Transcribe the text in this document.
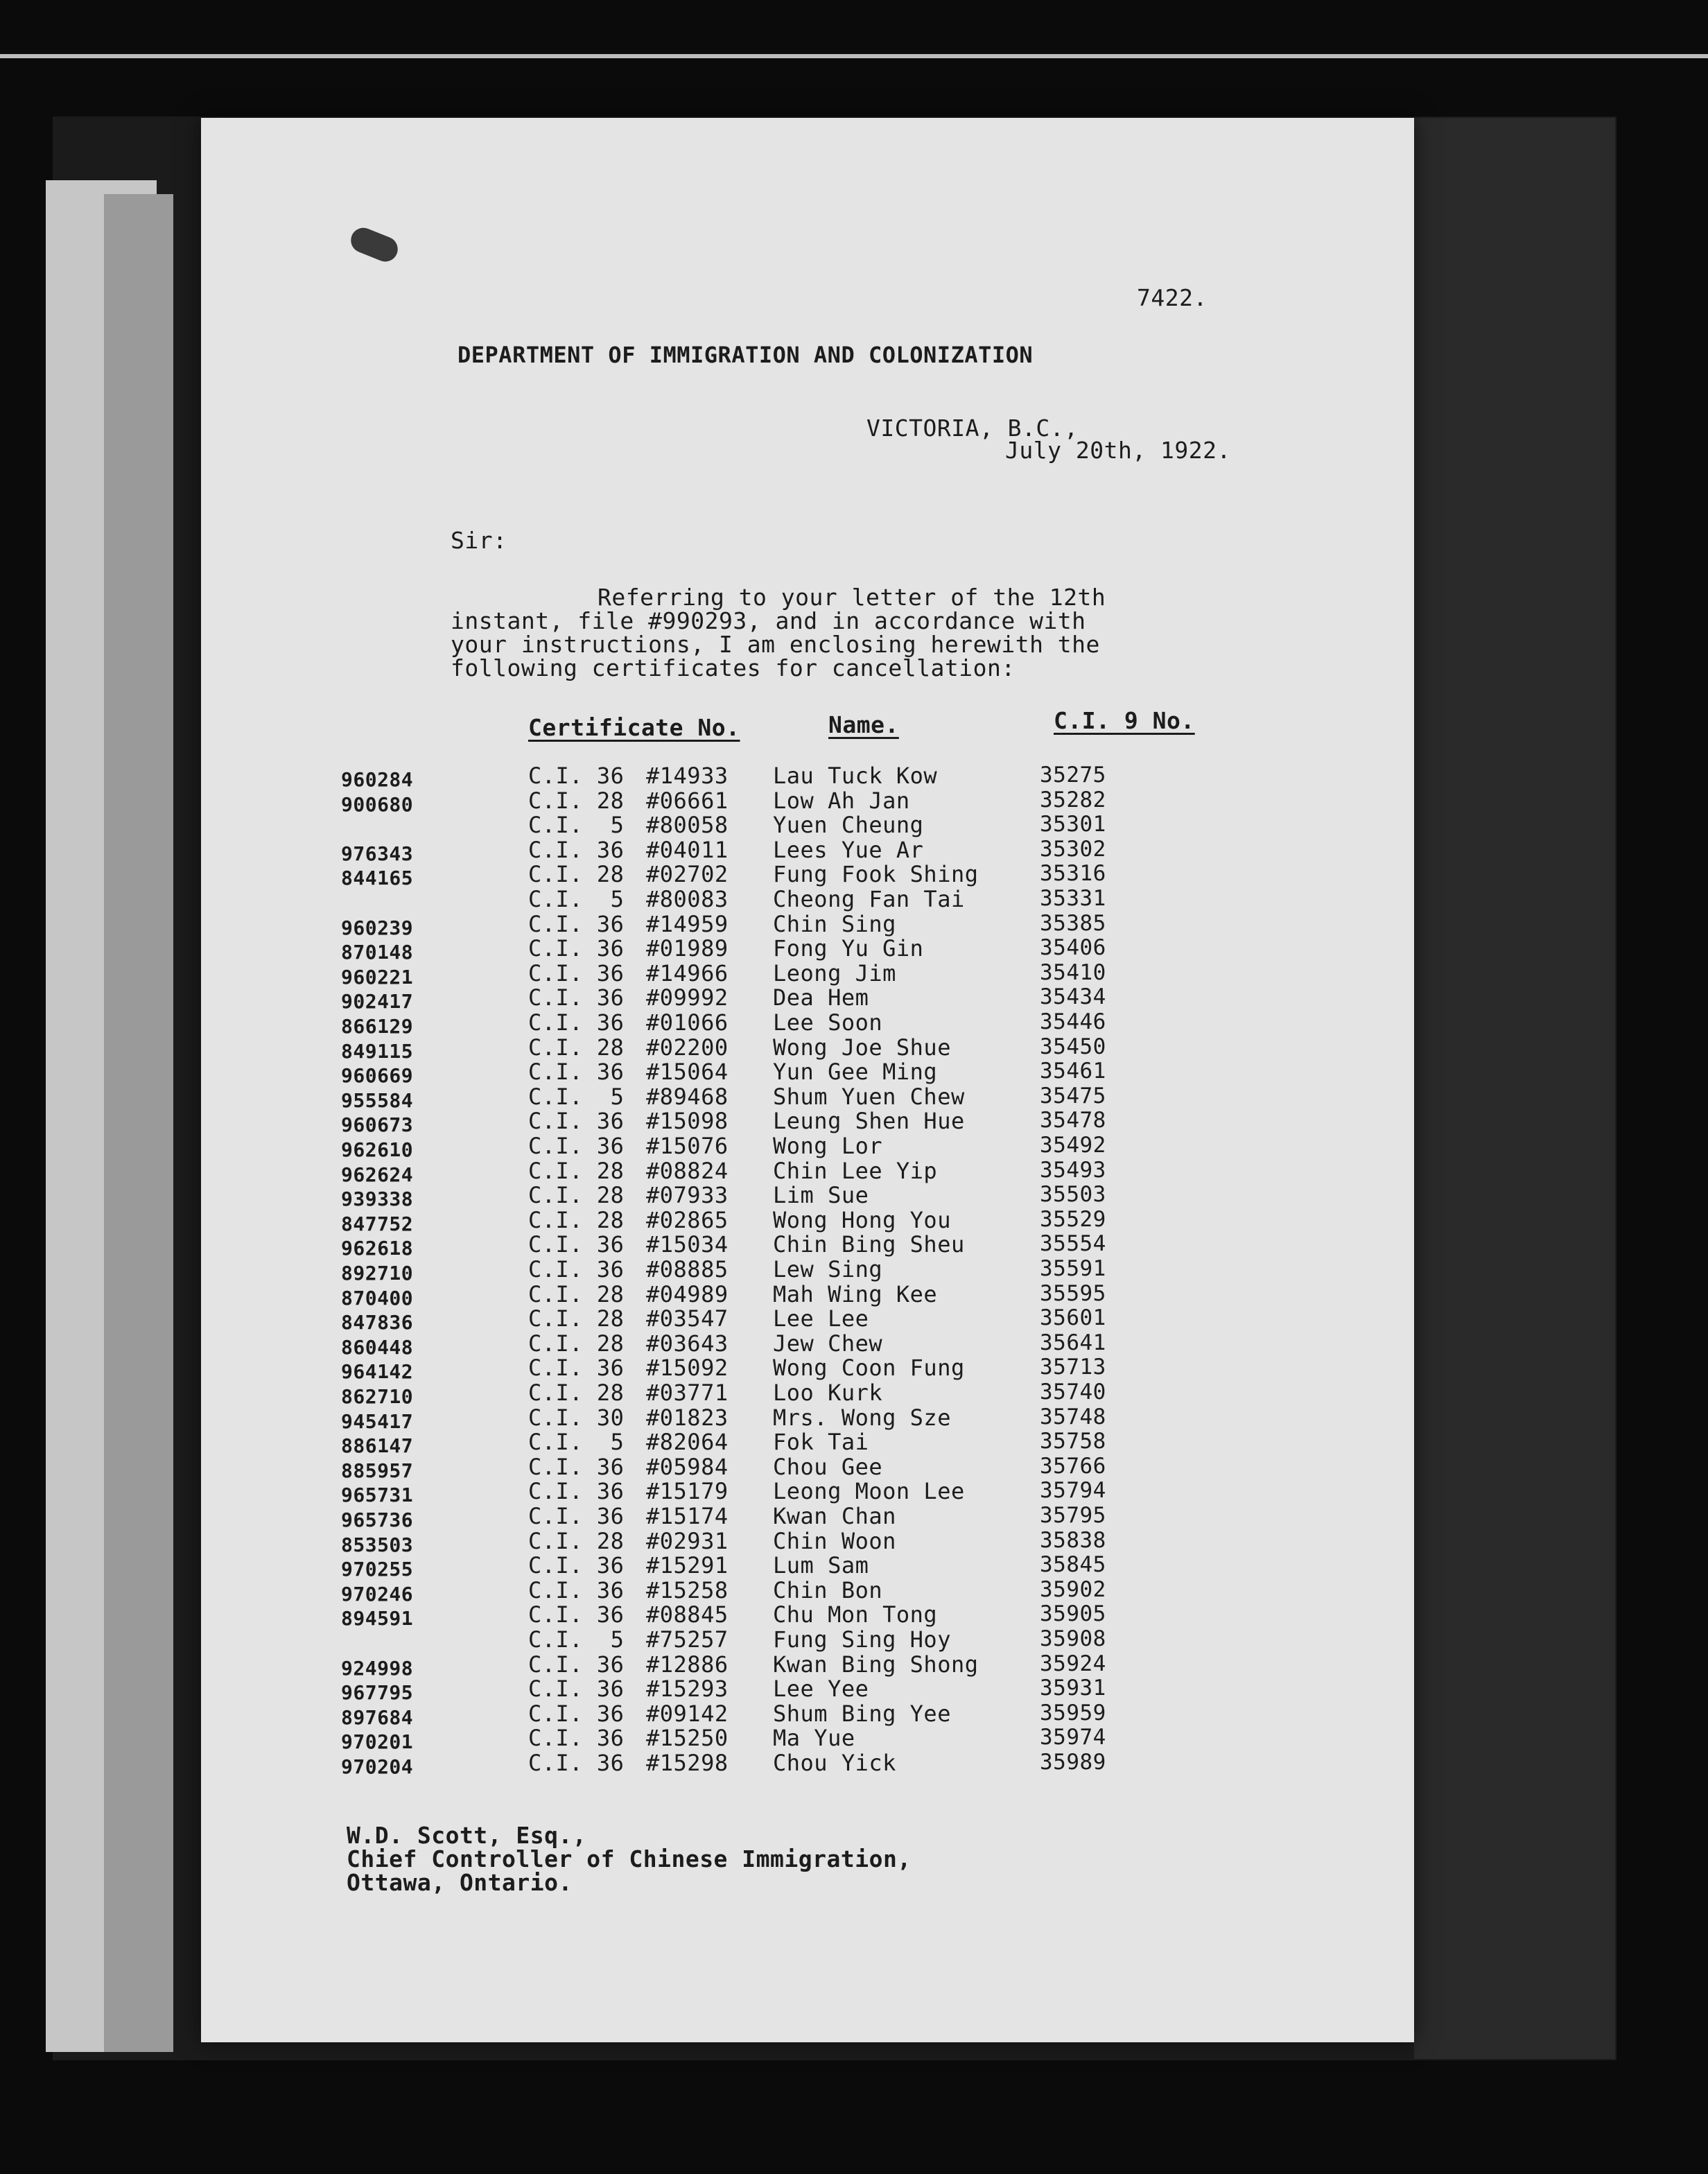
7422.
DEPARTMENT OF IMMIGRATION AND COLONIZATION
VICTORIA, B.C.,
July 20th, 1922.
Sir:
Referring to your letter of the 12th
instant, file #990293, and in accordance with
your instructions, I am enclosing herewith the
following certificates for cancellation:
Certificate No.	Name.	C.I. 9 No.
960284	C.I. 36 #14933 Lau Tuck Kow	35275
900680	C.I. 28 #06661 Low Ah Jan	35282
C.I.  5 #80058 Yuen Cheung	35301
976343	C.I. 36 #04011 Lees Yue Ar	35302
844165	C.I. 28 #02702 Fung Fook Shing	35316
C.I.  5 #80083 Cheong Fan Tai	35331
960239	C.I. 36 #14959 Chin Sing	35385
870148	C.I. 36 #01989 Fong Yu Gin	35406
960221	C.I. 36 #14966 Leong Jim	35410
902417	C.I. 36 #09992 Dea Hem	35434
866129	C.I. 36 #01066 Lee Soon	35446
849115	C.I. 28 #02200 Wong Joe Shue	35450
960669	C.I. 36 #15064 Yun Gee Ming	35461
955584	C.I.  5 #89468 Shum Yuen Chew	35475
960673	C.I. 36 #15098 Leung Shen Hue	35478
962610	C.I. 36 #15076 Wong Lor	35492
962624	C.I. 28 #08824 Chin Lee Yip	35493
939338	C.I. 28 #07933 Lim Sue	35503
847752	C.I. 28 #02865 Wong Hong You	35529
962618	C.I. 36 #15034 Chin Bing Sheu	35554
892710	C.I. 36 #08885 Lew Sing	35591
870400	C.I. 28 #04989 Mah Wing Kee	35595
847836	C.I. 28 #03547 Lee Lee	35601
860448	C.I. 28 #03643 Jew Chew	35641
964142	C.I. 36 #15092 Wong Coon Fung	35713
862710	C.I. 28 #03771 Loo Kurk	35740
945417	C.I. 30 #01823 Mrs. Wong Sze	35748
886147	C.I.  5 #82064 Fok Tai	35758
885957	C.I. 36 #05984 Chou Gee	35766
965731	C.I. 36 #15179 Leong Moon Lee	35794
965736	C.I. 36 #15174 Kwan Chan	35795
853503	C.I. 28 #02931 Chin Woon	35838
970255	C.I. 36 #15291 Lum Sam	35845
970246	C.I. 36 #15258 Chin Bon	35902
894591	C.I. 36 #08845 Chu Mon Tong	35905
C.I.  5 #75257 Fung Sing Hoy	35908
924998	C.I. 36 #12886 Kwan Bing Shong	35924
967795	C.I. 36 #15293 Lee Yee	35931
897684	C.I. 36 #09142 Shum Bing Yee	35959
970201	C.I. 36 #15250 Ma Yue	35974
970204	C.I. 36 #15298 Chou Yick	35989
W.D. Scott, Esq.,
Chief Controller of Chinese Immigration,
Ottawa, Ontario.
